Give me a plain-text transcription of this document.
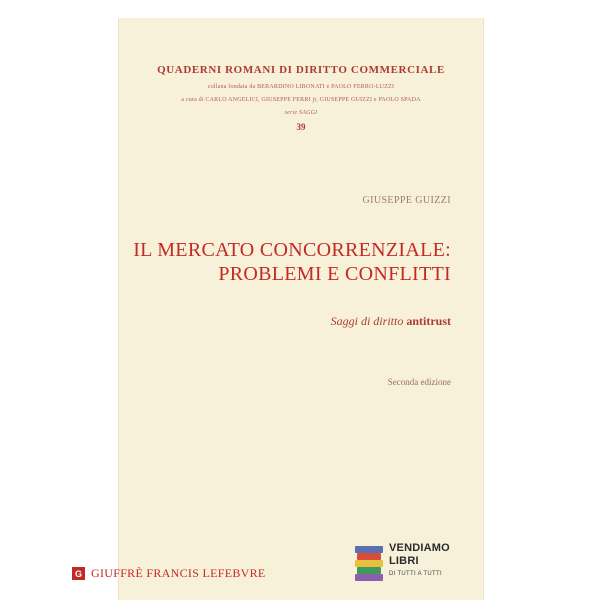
QUADERNI ROMANI DI DIRITTO COMMERCIALE
collana fondata da BERARDINO LIBONATI e PAOLO FERRO-LUZZI
a cura di CARLO ANGELICI, GIUSEPPE FERRI jr, GIUSEPPE GUIZZI e PAOLO SPADA
serie SAGGI
39
GIUSEPPE GUIZZI
IL MERCATO CONCORRENZIALE:
PROBLEMI E CONFLITTI
Saggi di diritto antitrust
Seconda edizione
G GIUFFRÈ FRANCIS LEFEBVRE
VENDIAMO
LIBRI
DI TUTTI A TUTTI
